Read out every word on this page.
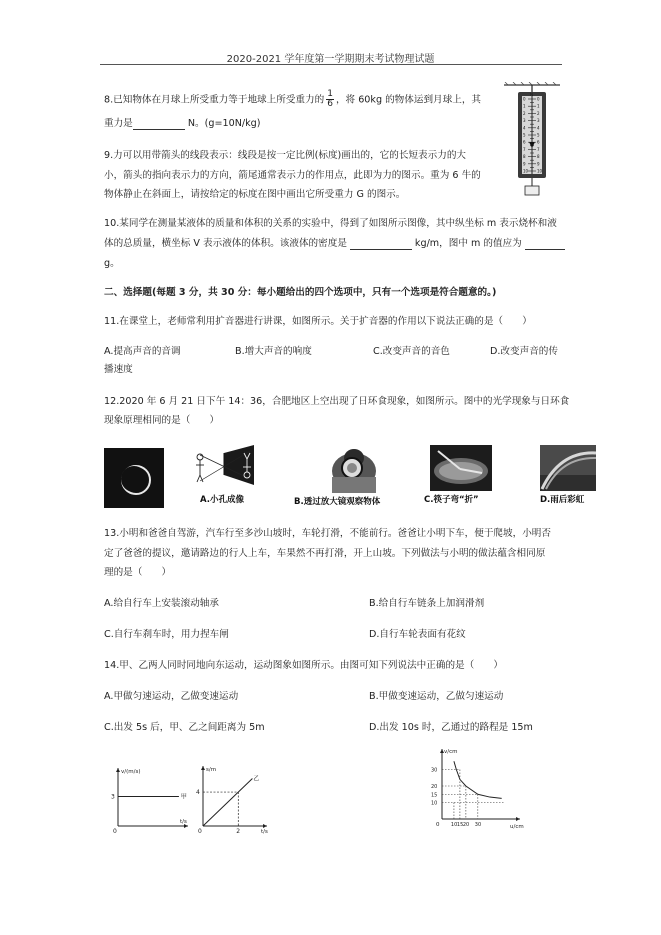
2020-2021 学年度第一学期期末考试物理试题
8.已知物体在月球上所受重力等于地球上所受重力的 $\frac{1}{6}$ ，将 60kg 的物体运到月球上，其
重力是	N。(g=10N/kg)
0	0
1	1
2	2
3	3
4	4
5	5
6	6
7	7
8	8
9	9
10 10
N
9.力可以用带箭头的线段表示：线段是按一定比例(标度)画出的，它的长短表示力的大
小，箭头的指向表示力的方向，箭尾通常表示力的作用点，此即为力的图示。重为 6 牛的
物体静止在斜面上，请按给定的标度在图中画出它所受重力 G 的图示。
10.某同学在测量某液体的质量和体积的关系的实验中，得到了如图所示图像，其中纵坐标 m 表示烧杯和液
体的总质量，横坐标 V 表示液体的体积。该液体的密度是	kg/m，图中 m 的值应为
g。
二、选择题(每题 3 分，共 30 分：每小题给出的四个选项中，只有一个选项是符合题意的。)
11.在课堂上，老师常利用扩音器进行讲课，如图所示。关于扩音器的作用以下说法正确的是（　　）
A.提高声音的音调	B.增大声音的响度	C.改变声音的音色	D.改变声音的传
播速度
12.2020 年 6 月 21 日下午 14：36，合肥地区上空出现了日环食现象，如图所示。图中的光学现象与日环食
现象原理相同的是（　　）
A.小孔成像	B.透过放大镜观察物体	C.筷子弯“折”	D.雨后彩虹
13.小明和爸爸自驾游，汽车行至多沙山坡时，车轮打滑，不能前行。爸爸让小明下车，便于爬坡，小明否
定了爸爸的提议，邀请路边的行人上车，车果然不再打滑，开上山坡。下列做法与小明的做法蕴含相同原
理的是（　　）
A.给自行车上安装滚动轴承	B.给自行车链条上加润滑剂
C.自行车刹车时，用力捏车闸	D.自行车轮表面有花纹
14.甲、乙两人同时同地向东运动，运动图象如图所示。由图可知下列说法中正确的是（　　）
A.甲做匀速运动，乙做变速运动	B.甲做变速运动，乙做匀速运动
C.出发 5s 后，甲、乙之间距离为 5m	D.出发 10s 时，乙通过的路程是 15m
v/(m/s)
t/s
0
3	甲
s/m
t/s
0
4
2
乙
v/cm
u/cm
0
10
15
20
30
10 15 20 30
